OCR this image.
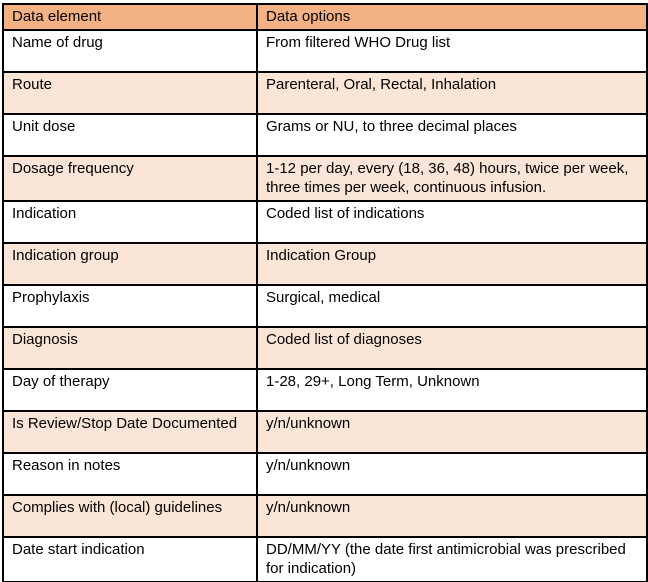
Data element	Data options
Name of drug	From filtered WHO Drug list
Route	Parenteral, Oral, Rectal, Inhalation
Unit dose	Grams or NU, to three decimal places
Dosage frequency	1-12 per day, every (18, 36, 48) hours, twice per week, three times per week, continuous infusion.
Indication	Coded list of indications
Indication group	Indication Group
Prophylaxis	Surgical, medical
Diagnosis	Coded list of diagnoses
Day of therapy	1-28, 29+, Long Term, Unknown
Is Review/Stop Date Documented	y/n/unknown
Reason in notes	y/n/unknown
Complies with (local) guidelines	y/n/unknown
Date start indication	DD/MM/YY (the date first antimicrobial was prescribed for indication)
